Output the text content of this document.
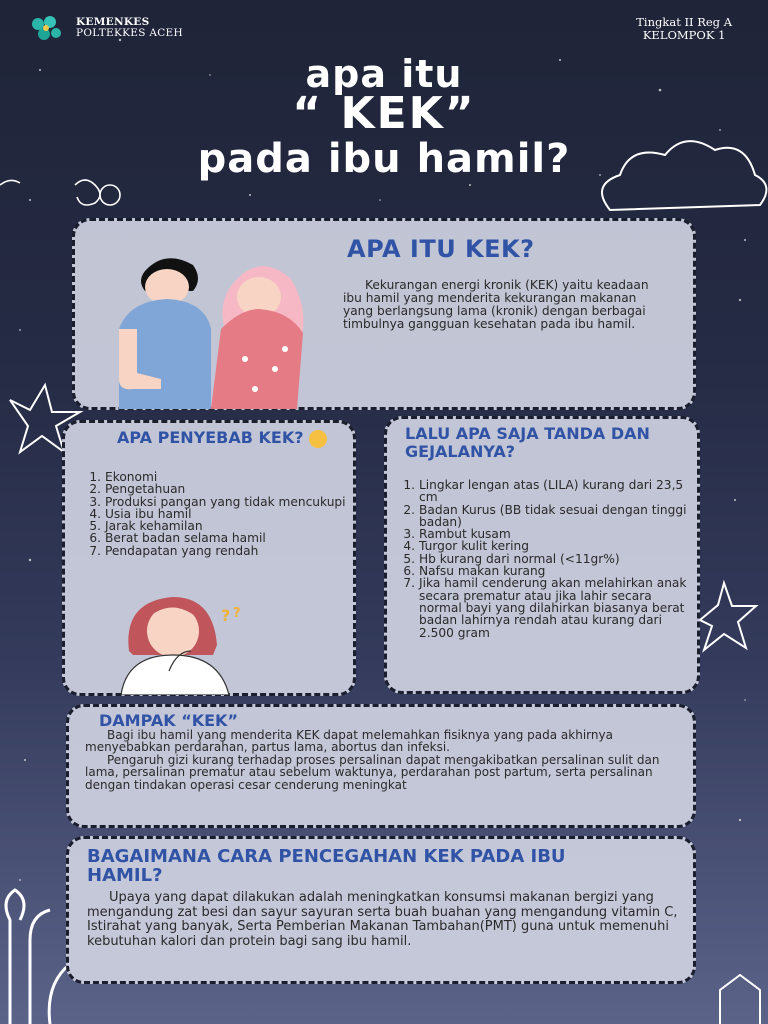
KEMENKES
POLTEKKES ACEH
Tingkat II Reg A
KELOMPOK 1
apa itu
“ KEK”
pada ibu hamil?
APA ITU KEK?
Kekurangan energi kronik (KEK) yaitu keadaan ibu hamil yang menderita kekurangan makanan yang berlangsung lama (kronik) dengan berbagai timbulnya gangguan kesehatan pada ibu hamil.
APA PENYEBAB KEK?
1. Ekonomi
2. Pengetahuan
3. Produksi pangan yang tidak mencukupi
4. Usia ibu hamil
5. Jarak kehamilan
6. Berat badan selama hamil
7. Pendapatan yang rendah
? ?
LALU APA SAJA TANDA DAN GEJALANYA?
1. Lingkar lengan atas (LILA) kurang dari 23,5 cm
2. Badan Kurus (BB tidak sesuai dengan tinggi badan)
3. Rambut kusam
4. Turgor kulit kering
5. Hb kurang dari normal (<11gr%)
6. Nafsu makan kurang
7. Jika hamil cenderung akan melahirkan anak secara prematur atau jika lahir secara normal bayi yang dilahirkan biasanya berat badan lahirnya rendah atau kurang dari 2.500 gram
DAMPAK “KEK”
Bagi ibu hamil yang menderita KEK dapat melemahkan fisiknya yang pada akhirnya menyebabkan perdarahan, partus lama, abortus dan infeksi.
Pengaruh gizi kurang terhadap proses persalinan dapat mengakibatkan persalinan sulit dan lama, persalinan prematur atau sebelum waktunya, perdarahan post partum, serta persalinan dengan tindakan operasi cesar cenderung meningkat
BAGAIMANA CARA PENCEGAHAN KEK PADA IBU HAMIL?
Upaya yang dapat dilakukan adalah meningkatkan konsumsi makanan bergizi yang mengandung zat besi dan sayur sayuran serta buah buahan yang mengandung vitamin C, Istirahat yang banyak, Serta Pemberian Makanan Tambahan(PMT) guna untuk memenuhi kebutuhan kalori dan protein bagi sang ibu hamil.
